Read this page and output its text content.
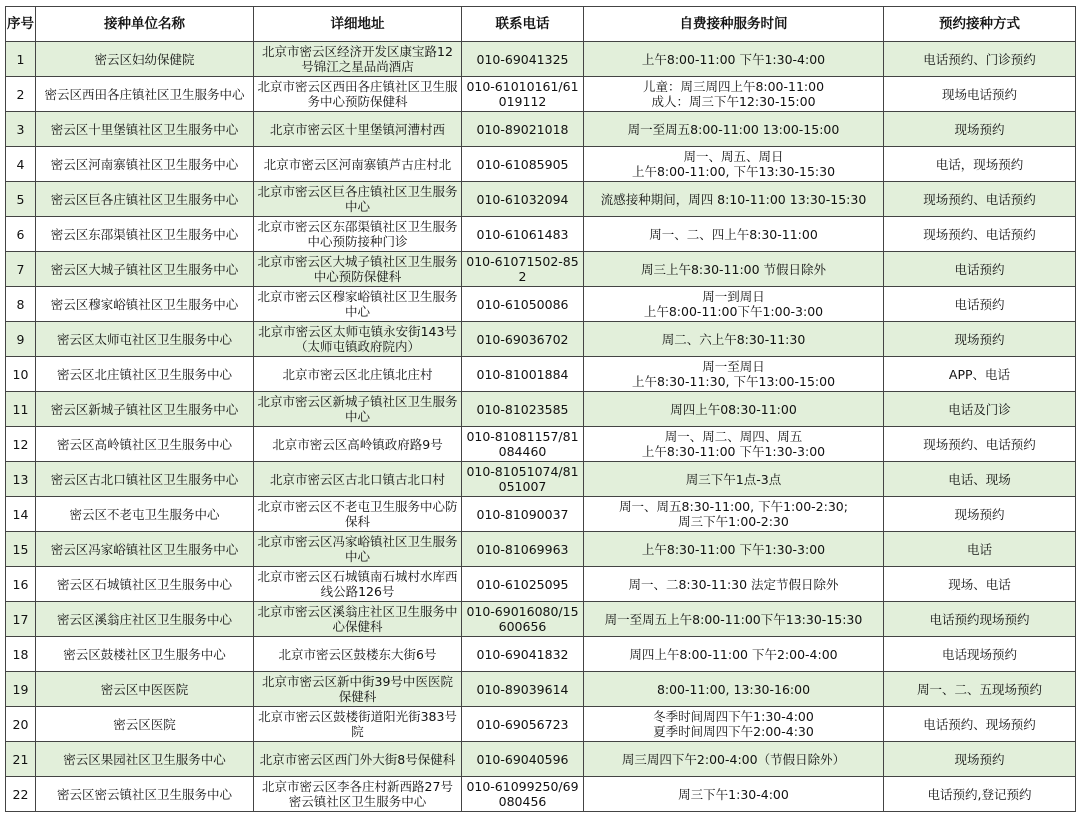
序号	接种单位名称	详细地址	联系电话	自费接种服务时间	预约接种方式
1	密云区妇幼保健院	北京市密云区经济开发区康宝路12号锦江之星品尚酒店	010-69041325	上午8:00-11:00 下午1:30-4:00	电话预约、门诊预约
2	密云区西田各庄镇社区卫生服务中心	北京市密云区西田各庄镇社区卫生服务中心预防保健科	010-61010161/61019112	儿童：周三周四上午8:00-11:00
成人：周三下午12:30-15:00	现场电话预约
3	密云区十里堡镇社区卫生服务中心	北京市密云区十里堡镇河漕村西	010-89021018	周一至周五8:00-11:00 13:00-15:00	现场预约
4	密云区河南寨镇社区卫生服务中心	北京市密云区河南寨镇芦古庄村北	010-61085905	周一、周五、周日
上午8:00-11:00, 下午13:30-15:30	电话，现场预约
5	密云区巨各庄镇社区卫生服务中心	北京市密云区巨各庄镇社区卫生服务中心	010-61032094	流感接种期间，周四 8:10-11:00 13:30-15:30	现场预约、电话预约
6	密云区东邵渠镇社区卫生服务中心	北京市密云区东邵渠镇社区卫生服务中心预防接种门诊	010-61061483	周一、二、四上午8:30-11:00	现场预约、电话预约
7	密云区大城子镇社区卫生服务中心	北京市密云区大城子镇社区卫生服务中心预防保健科	010-61071502-852	周三上午8:30-11:00 节假日除外	电话预约
8	密云区穆家峪镇社区卫生服务中心	北京市密云区穆家峪镇社区卫生服务中心	010-61050086	周一到周日
上午8:00-11:00下午1:00-3:00	电话预约
9	密云区太师屯社区卫生服务中心	北京市密云区太师屯镇永安街143号（太师屯镇政府院内）	010-69036702	周二、六上午8:30-11:30	现场预约
10	密云区北庄镇社区卫生服务中心	北京市密云区北庄镇北庄村	010-81001884	周一至周日
上午8:30-11:30, 下午13:00-15:00	APP、电话
11	密云区新城子镇社区卫生服务中心	北京市密云区新城子镇社区卫生服务中心	010-81023585	周四上午08:30-11:00	电话及门诊
12	密云区高岭镇社区卫生服务中心	北京市密云区高岭镇政府路9号	010-81081157/81084460	周一、周二、周四、周五
上午8:30-11:00 下午1:30-3:00	现场预约、电话预约
13	密云区古北口镇社区卫生服务中心	北京市密云区古北口镇古北口村	010-81051074/81051007	周三下午1点-3点	电话、现场
14	密云区不老屯卫生服务中心	北京市密云区不老屯卫生服务中心防保科	010-81090037	周一、周五8:30-11:00, 下午1:00-2:30;
周三下午1:00-2:30	现场预约
15	密云区冯家峪镇社区卫生服务中心	北京市密云区冯家峪镇社区卫生服务中心	010-81069963	上午8:30-11:00 下午1:30-3:00	电话
16	密云区石城镇社区卫生服务中心	北京市密云区石城镇南石城村水库西线公路126号	010-61025095	周一、二8:30-11:30 法定节假日除外	现场、电话
17	密云区溪翁庄社区卫生服务中心	北京市密云区溪翁庄社区卫生服务中心保健科	010-69016080/15600656	周一至周五上午8:00-11:00下午13:30-15:30	电话预约现场预约
18	密云区鼓楼社区卫生服务中心	北京市密云区鼓楼东大街6号	010-69041832	周四上午8:00-11:00 下午2:00-4:00	电话现场预约
19	密云区中医医院	北京市密云区新中街39号中医医院保健科	010-89039614	8:00-11:00, 13:30-16:00	周一、二、五现场预约
20	密云区医院	北京市密云区鼓楼街道阳光街383号院	010-69056723	冬季时间周四下午1:30-4:00
夏季时间周四下午2:00-4:30	电话预约、现场预约
21	密云区果园社区卫生服务中心	北京市密云区西门外大街8号保健科	010-69040596	周三周四下午2:00-4:00（节假日除外）	现场预约
22	密云区密云镇社区卫生服务中心	北京市密云区李各庄村新西路27号密云镇社区卫生服务中心	010-61099250/69080456	周三下午1:30-4:00	电话预约,登记预约
